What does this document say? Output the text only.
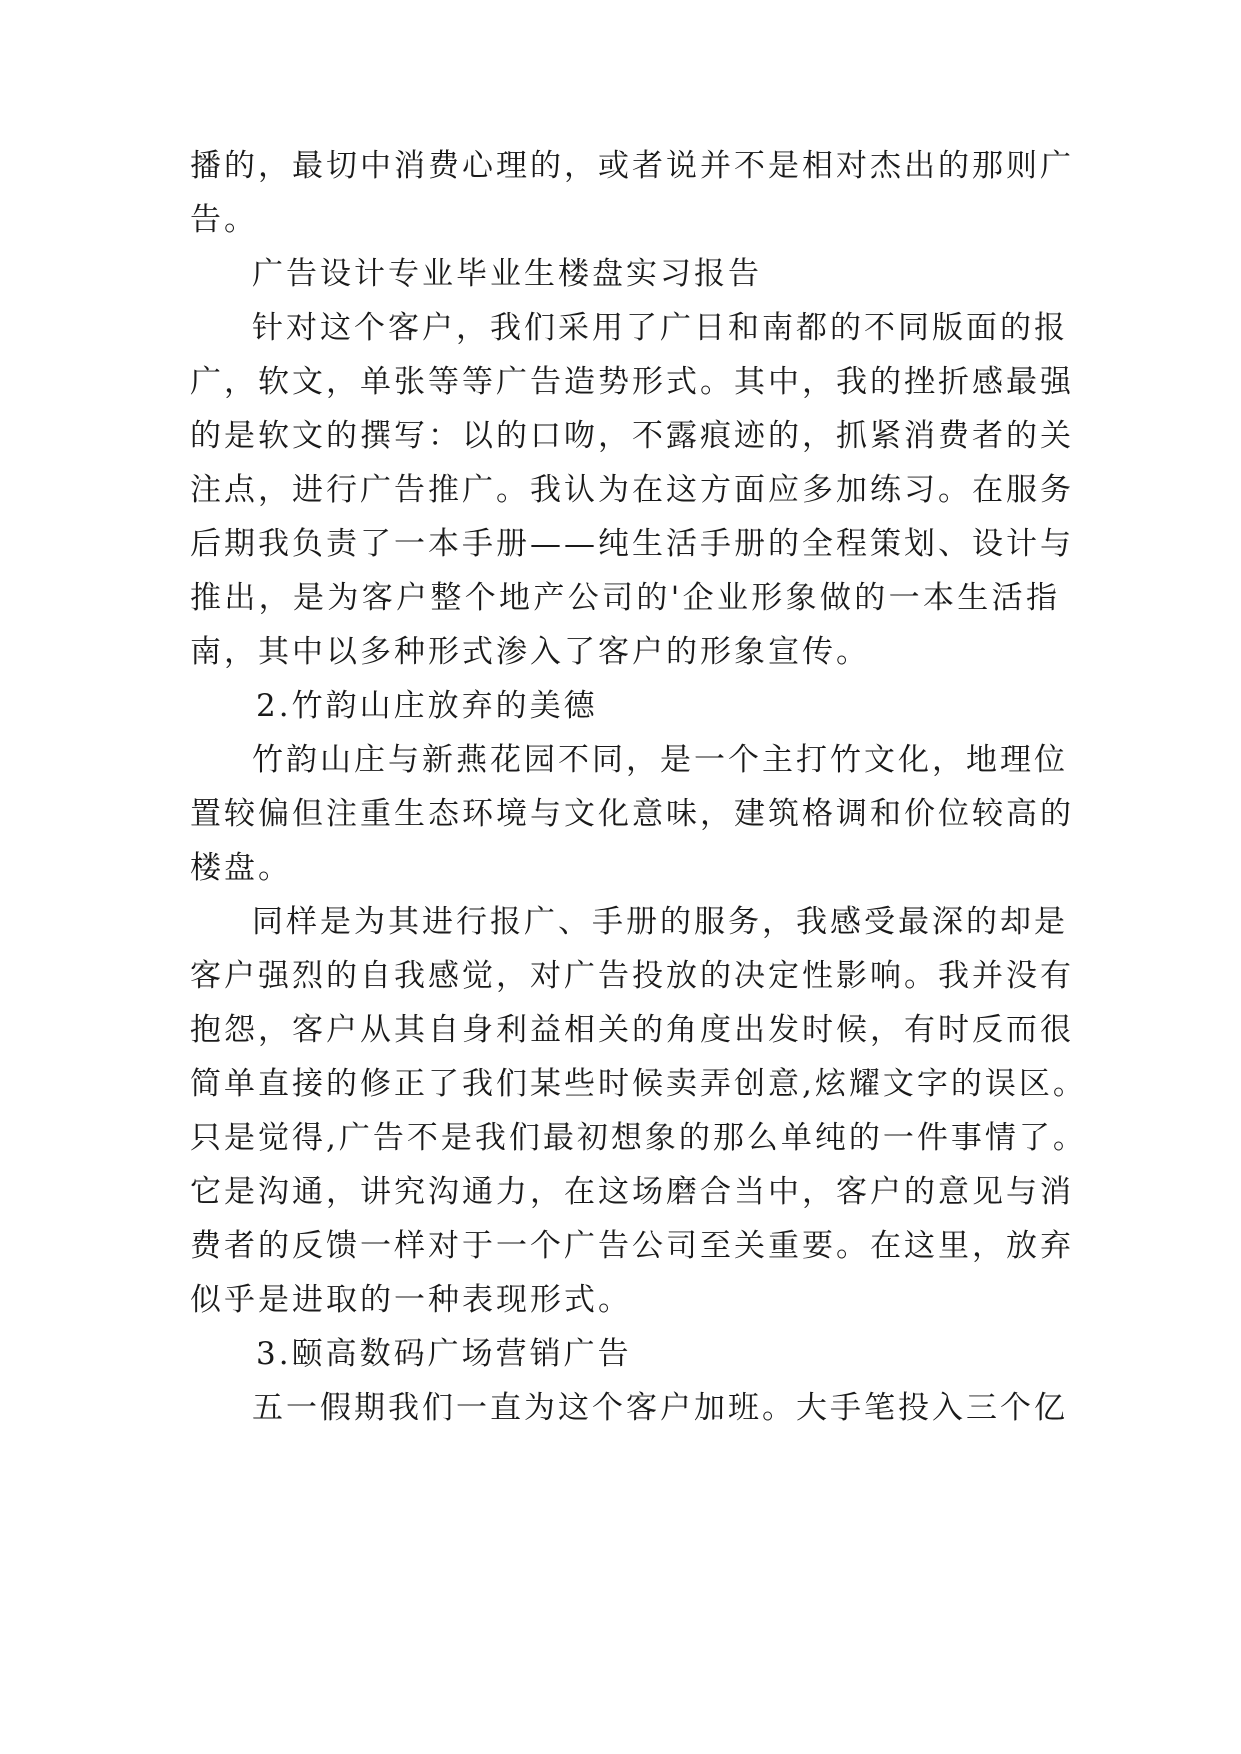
播的，最切中消费心理的，或者说并不是相对杰出的那则广
告。
广告设计专业毕业生楼盘实习报告
针对这个客户，我们采用了广日和南都的不同版面的报
广，软文，单张等等广告造势形式。其中，我的挫折感最强
的是软文的撰写：以的口吻，不露痕迹的，抓紧消费者的关
注点，进行广告推广。我认为在这方面应多加练习。在服务
后期我负责了一本手册——纯生活手册的全程策划、设计与
推出，是为客户整个地产公司的'企业形象做的一本生活指
南，其中以多种形式渗入了客户的形象宣传。
2.竹韵山庄放弃的美德
竹韵山庄与新燕花园不同，是一个主打竹文化，地理位
置较偏但注重生态环境与文化意味，建筑格调和价位较高的
楼盘。
同样是为其进行报广、手册的服务，我感受最深的却是
客户强烈的自我感觉，对广告投放的决定性影响。我并没有
抱怨，客户从其自身利益相关的角度出发时候，有时反而很
简单直接的修正了我们某些时候卖弄创意,炫耀文字的误区。
只是觉得,广告不是我们最初想象的那么单纯的一件事情了。
它是沟通，讲究沟通力，在这场磨合当中，客户的意见与消
费者的反馈一样对于一个广告公司至关重要。在这里，放弃
似乎是进取的一种表现形式。
3.颐高数码广场营销广告
五一假期我们一直为这个客户加班。大手笔投入三个亿
